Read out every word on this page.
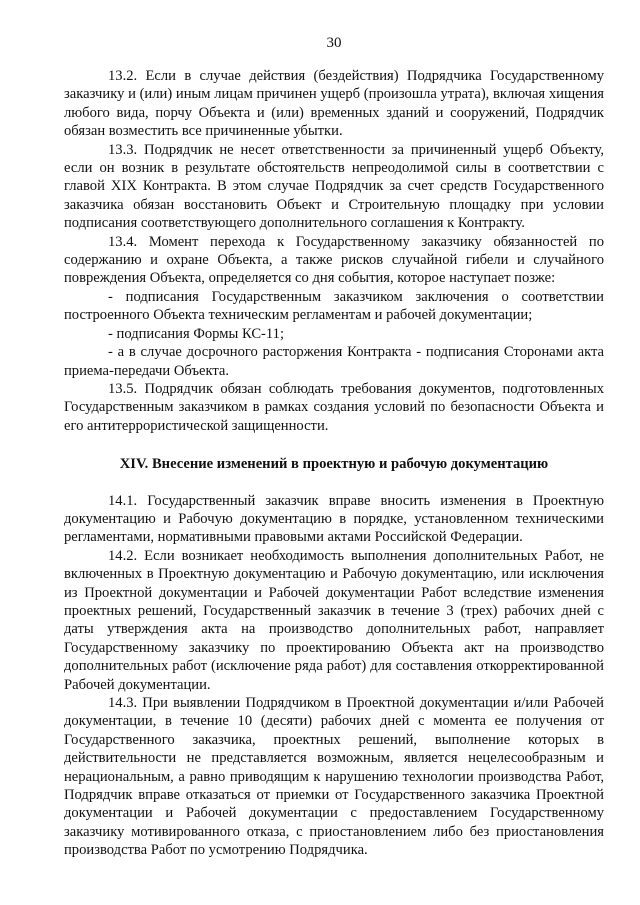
30

13.2. Если в случае действия (бездействия) Подрядчика Государственному заказчику и (или) иным лицам причинен ущерб (произошла утрата), включая хищения любого вида, порчу Объекта и (или) временных зданий и сооружений, Подрядчик обязан возместить все причиненные убытки.

13.3. Подрядчик не несет ответственности за причиненный ущерб Объекту, если он возник в результате обстоятельств непреодолимой силы в соответствии с главой XIX Контракта. В этом случае Подрядчик за счет средств Государственного заказчика обязан восстановить Объект и Строительную площадку при условии подписания соответствующего дополнительного соглашения к Контракту.

13.4. Момент перехода к Государственному заказчику обязанностей по содержанию и охране Объекта, а также рисков случайной гибели и случайного повреждения Объекта, определяется со дня события, которое наступает позже:

- подписания Государственным заказчиком заключения о соответствии построенного Объекта техническим регламентам и рабочей документации;

- подписания Формы КС-11;

- а в случае досрочного расторжения Контракта - подписания Сторонами акта приема-передачи Объекта.

13.5. Подрядчик обязан соблюдать требования документов, подготовленных Государственным заказчиком в рамках создания условий по безопасности Объекта и его антитеррористической защищенности.

XIV. Внесение изменений в проектную и рабочую документацию

14.1. Государственный заказчик вправе вносить изменения в Проектную документацию и Рабочую документацию в порядке, установленном техническими регламентами, нормативными правовыми актами Российской Федерации.

14.2. Если возникает необходимость выполнения дополнительных Работ, не включенных в Проектную документацию и Рабочую документацию, или исключения из Проектной документации и Рабочей документации Работ вследствие изменения проектных решений, Государственный заказчик в течение 3 (трех) рабочих дней с даты утверждения акта на производство дополнительных работ, направляет Государственному заказчику по проектированию Объекта акт на производство дополнительных работ (исключение ряда работ) для составления откорректированной Рабочей документации.

14.3. При выявлении Подрядчиком в Проектной документации и/или Рабочей документации, в течение 10 (десяти) рабочих дней с момента ее получения от Государственного заказчика, проектных решений, выполнение которых в действительности не представляется возможным, является нецелесообразным и нерациональным, а равно приводящим к нарушению технологии производства Работ, Подрядчик вправе отказаться от приемки от Государственного заказчика Проектной документации и Рабочей документации с предоставлением Государственному заказчику мотивированного отказа, с приостановлением либо без приостановления производства Работ по усмотрению Подрядчика.
